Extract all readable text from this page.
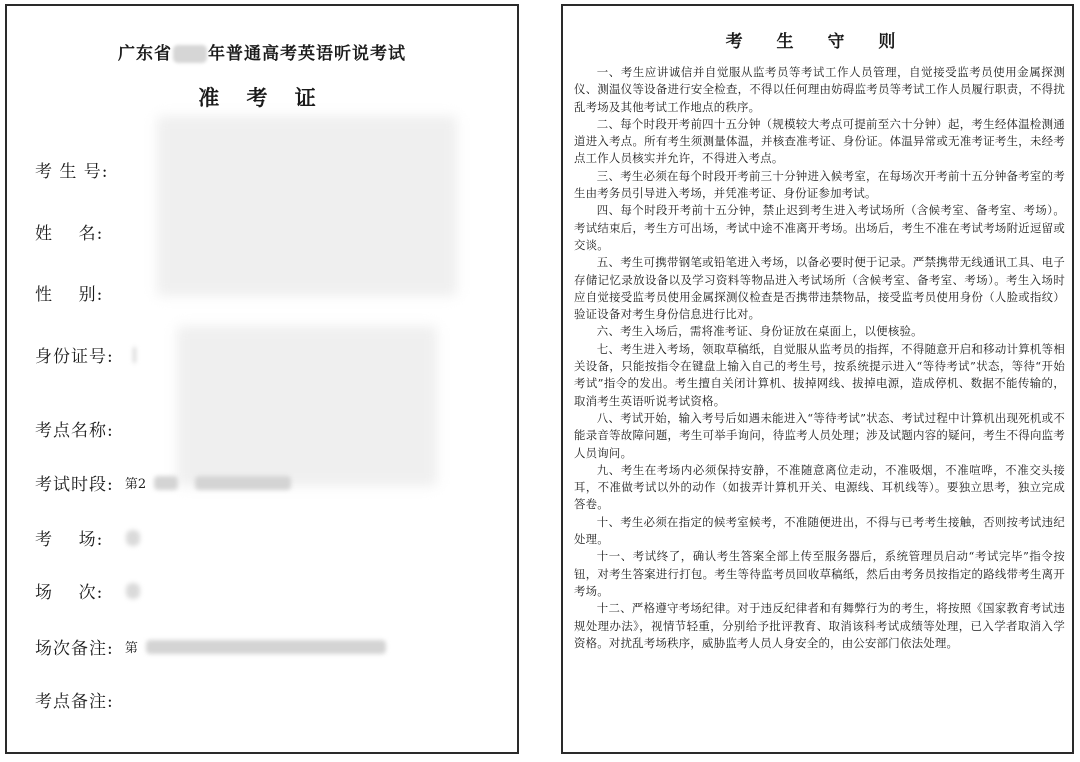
广东省 年普通高考英语听说考试
准 考 证
考 生 号:
姓    名:
性    别:
身份证号:
考点名称:
考试时段: 第2
考    场:
场    次:
场次备注: 第
考点备注:
考 生 守 则

一、考生应讲诚信并自觉服从监考员等考试工作人员管理，自觉接受监考员使用金属探测仪、测温仪等设备进行安全检查，不得以任何理由妨碍监考员等考试工作人员履行职责，不得扰乱考场及其他考试工作地点的秩序。

二、每个时段开考前四十五分钟（规模较大考点可提前至六十分钟）起，考生经体温检测通道进入考点。所有考生须测量体温，并核查准考证、身份证。体温异常或无准考证考生，未经考点工作人员核实并允许，不得进入考点。

三、考生必须在每个时段开考前三十分钟进入候考室，在每场次开考前十五分钟备考室的考生由考务员引导进入考场，并凭准考证、身份证参加考试。

四、每个时段开考前十五分钟，禁止迟到考生进入考试场所（含候考室、备考室、考场）。考试结束后，考生方可出场，考试中途不准离开考场。出场后，考生不准在考试考场附近逗留或交谈。

五、考生可携带钢笔或铅笔进入考场，以备必要时便于记录。严禁携带无线通讯工具、电子存储记忆录放设备以及学习资料等物品进入考试场所（含候考室、备考室、考场）。考生入场时应自觉接受监考员使用金属探测仪检查是否携带违禁物品，接受监考员使用身份（人脸或指纹）验证设备对考生身份信息进行比对。

六、考生入场后，需将准考证、身份证放在桌面上，以便核验。

七、考生进入考场，领取草稿纸，自觉服从监考员的指挥，不得随意开启和移动计算机等相关设备，只能按指令在键盘上输入自己的考生号，按系统提示进入“等待考试”状态，等待“开始考试”指令的发出。考生擅自关闭计算机、拔掉网线、拔掉电源，造成停机、数据不能传输的，取消考生英语听说考试资格。

八、考试开始，输入考号后如遇未能进入“等待考试”状态、考试过程中计算机出现死机或不能录音等故障问题，考生可举手询问，待监考人员处理；涉及试题内容的疑问，考生不得向监考人员询问。

九、考生在考场内必须保持安静，不准随意离位走动，不准吸烟，不准喧哗，不准交头接耳，不准做考试以外的动作（如拔弄计算机开关、电源线、耳机线等）。要独立思考，独立完成答卷。

十、考生必须在指定的候考室候考，不准随便进出，不得与已考考生接触，否则按考试违纪处理。

十一、考试终了，确认考生答案全部上传至服务器后，系统管理员启动“考试完毕”指令按钮，对考生答案进行打包。考生等待监考员回收草稿纸，然后由考务员按指定的路线带考生离开考场。

十二、严格遵守考场纪律。对于违反纪律者和有舞弊行为的考生，将按照《国家教育考试违规处理办法》，视情节轻重，分别给予批评教育、取消该科考试成绩等处理，已入学者取消入学资格。对扰乱考场秩序，威胁监考人员人身安全的，由公安部门依法处理。
